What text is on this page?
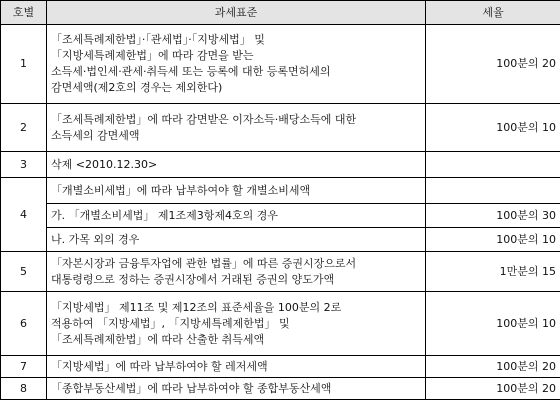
호별	과세표준	세율
1	「조세특례제한법」·「관세법」·「지방세법」 및
「지방세특례제한법」에 따라 감면을 받는
소득세·법인세·관세·취득세 또는 등록에 대한 등록면허세의
감면세액(제2호의 경우는 제외한다)	100분의 20
2	「조세특례제한법」에 따라 감면받은 이자소득·배당소득에 대한
소득세의 감면세액	100분의 10
3	삭제 <2010.12.30>	

4	「개별소비세법」에 따라 납부하여야 할 개별소비세액	

	가. 「개별소비세법」 제1조제3항제4호의 경우	100분의 30

	나. 가목 외의 경우	100분의 10
5	「자본시장과 금융투자업에 관한 법률」에 따른 증권시장으로서
대통령령으로 정하는 증권시장에서 거래된 증권의 양도가액	1만분의 15
6	「지방세법」 제11조 및 제12조의 표준세율을 100분의 2로
적용하여 「지방세법」, 「지방세특례제한법」 및
「조세특례제한법」에 따라 산출한 취득세액	100분의 10
7	「지방세법」에 따라 납부하여야 할 레저세액	100분의 20
8	「종합부동산세법」에 따라 납부하여야 할 종합부동산세액	100분의 20
